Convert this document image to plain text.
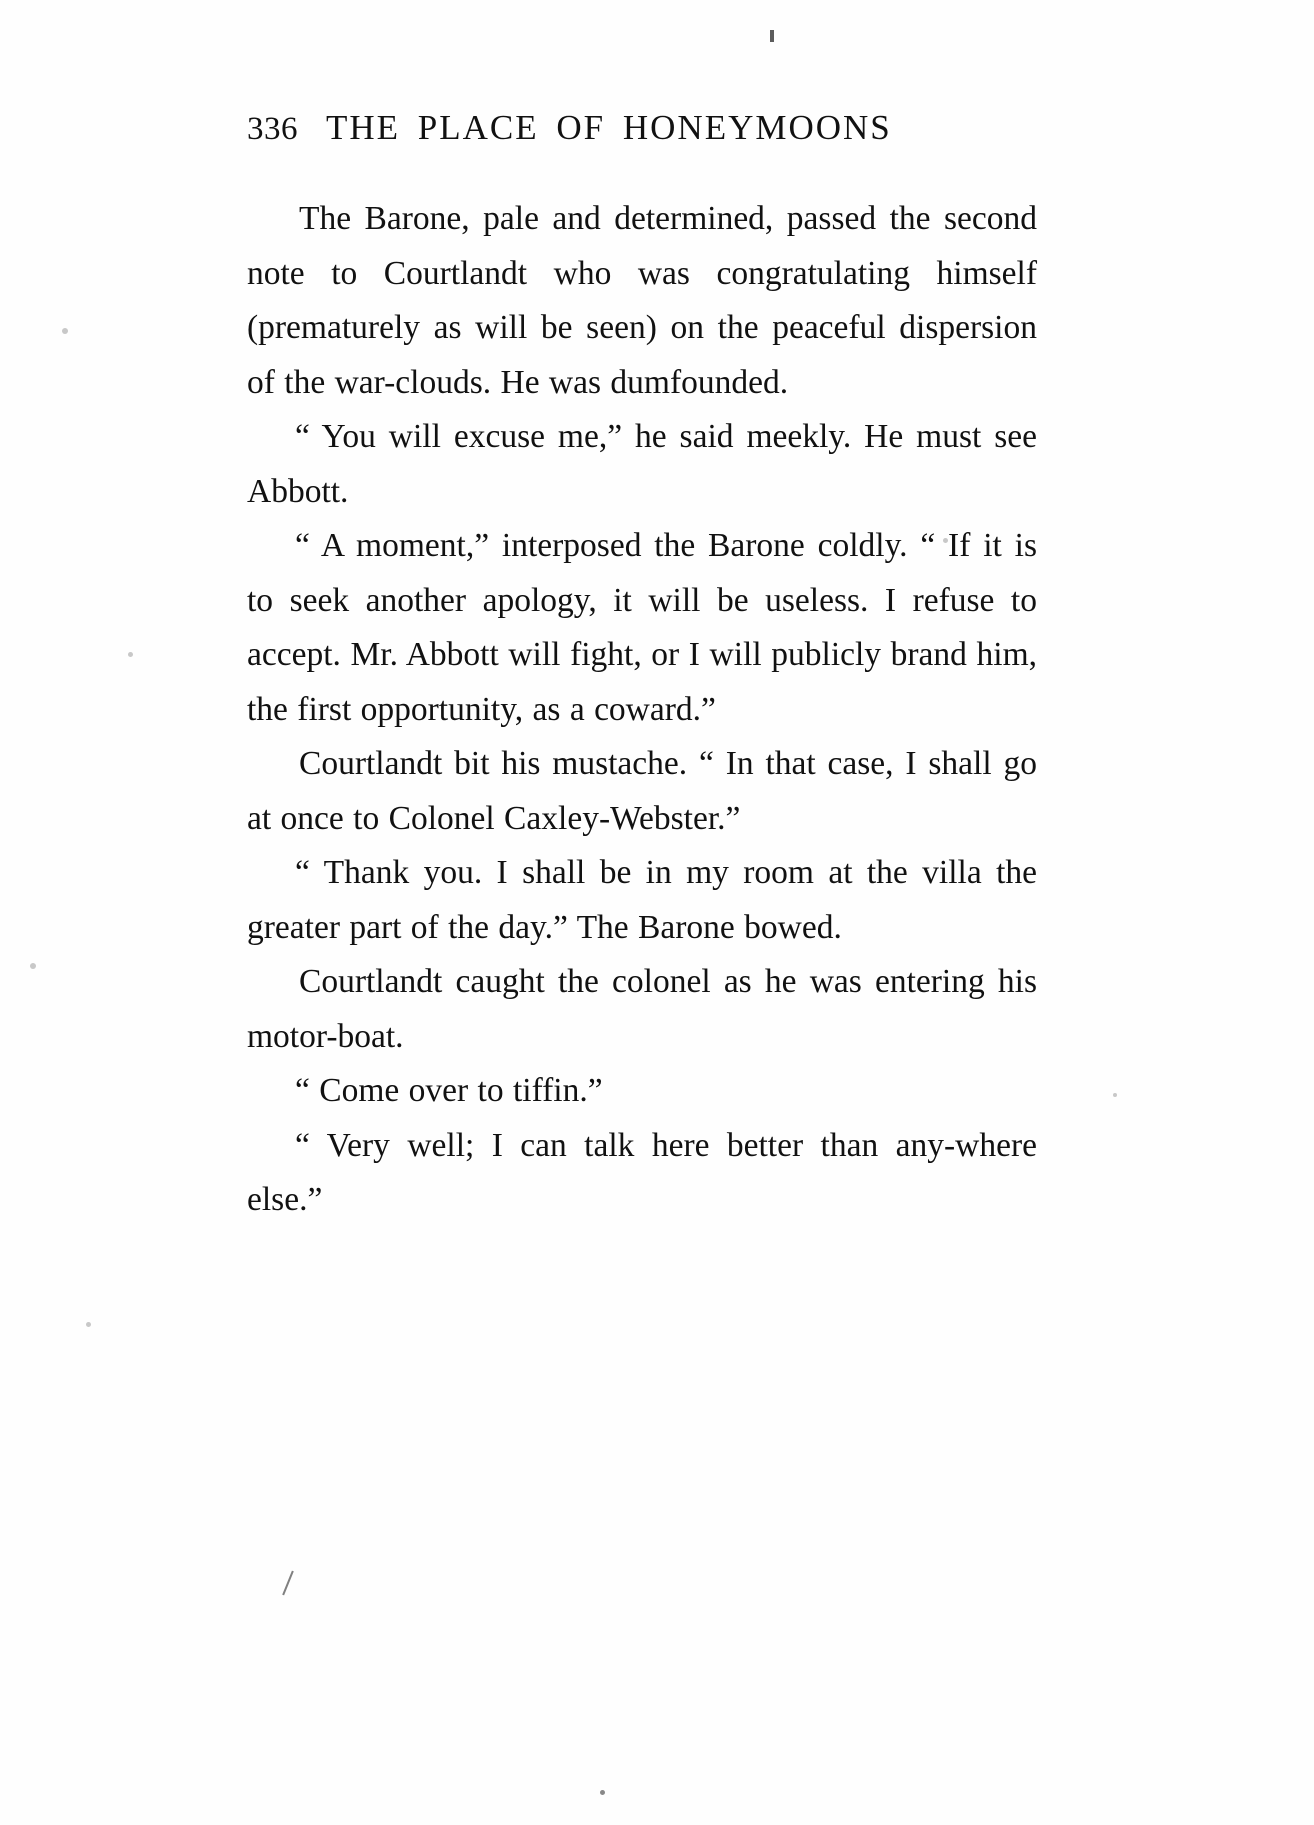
336 THE PLACE OF HONEYMOONS

The Barone, pale and determined, passed the second note to Courtlandt who was congratulating himself (prematurely as will be seen) on the peaceful dispersion of the war-clouds. He was dumfounded.

“ You will excuse me,” he said meekly. He must see Abbott.

“ A moment,” interposed the Barone coldly. “ If it is to seek another apology, it will be useless. I refuse to accept. Mr. Abbott will fight, or I will publicly brand him, the first opportunity, as a coward.”

Courtlandt bit his mustache. “ In that case, I shall go at once to Colonel Caxley-Webster.”

“ Thank you. I shall be in my room at the villa the greater part of the day.” The Barone bowed.

Courtlandt caught the colonel as he was entering his motor-boat.

“ Come over to tiffin.”

“ Very well; I can talk here better than any-where else.”
